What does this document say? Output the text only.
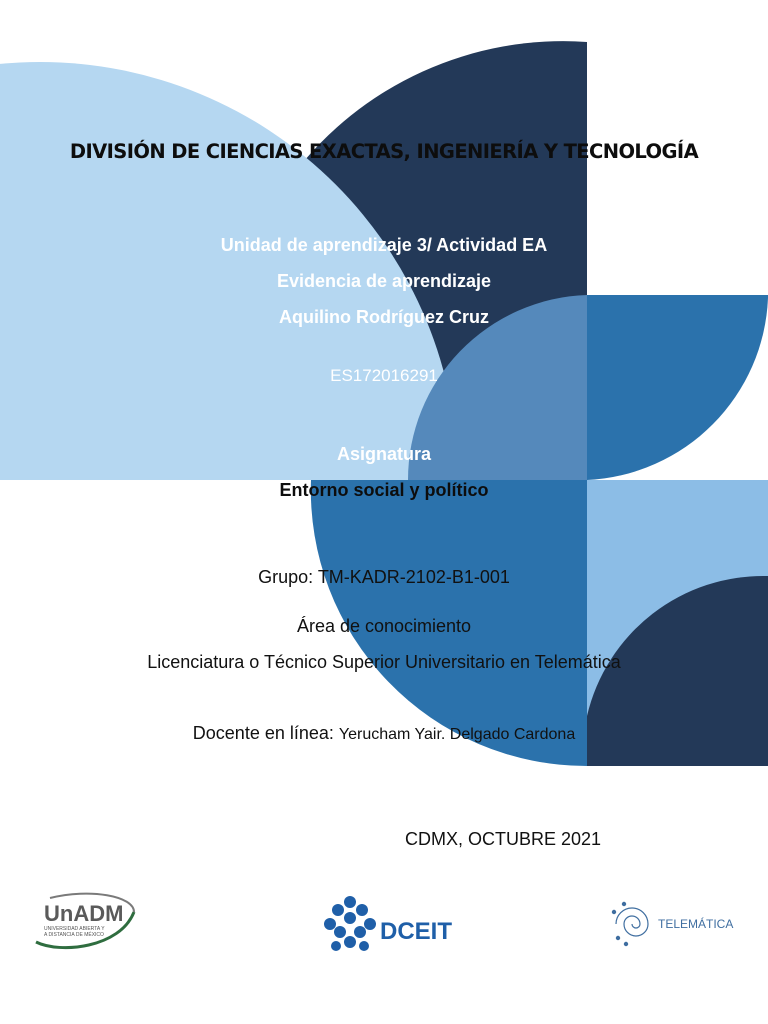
DIVISIÓN DE CIENCIAS EXACTAS, INGENIERÍA Y TECNOLOGÍA
Unidad de aprendizaje 3/ Actividad EA
Evidencia de aprendizaje
Aquilino Rodríguez Cruz
ES172016291
Asignatura
Entorno social y político
Grupo: TM-KADR-2102-B1-001
Área de conocimiento
Licenciatura o Técnico Superior Universitario en Telemática
Docente en línea: Yerucham Yair. Delgado Cardona
CDMX, OCTUBRE 2021
UnADM
UNIVERSIDAD ABIERTA Y
A DISTANCIA DE MÉXICO	DCEIT	TELEMÁTICA
